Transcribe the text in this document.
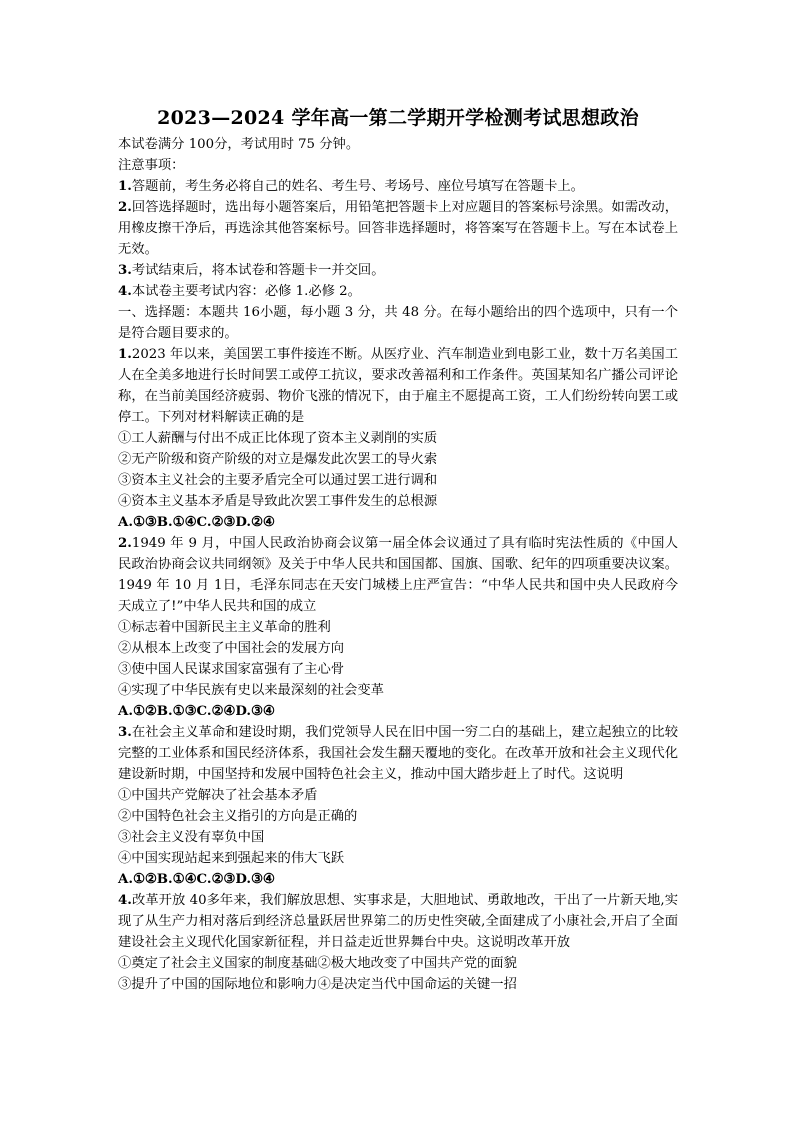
2023—2024 学年高一第二学期开学检测考试思想政治

本试卷满分 100分，考试用时 75 分钟。

注意事项：

1.答题前，考生务必将自己的姓名、考生号、考场号、座位号填写在答题卡上。

2.回答选择题时，选出每小题答案后，用铅笔把答题卡上对应题目的答案标号涂黑。如需改动，用橡皮擦干净后，再选涂其他答案标号。回答非选择题时，将答案写在答题卡上。写在本试卷上无效。

3.考试结束后，将本试卷和答题卡一并交回。

4.本试卷主要考试内容：必修 1.必修 2。

一、选择题：本题共 16小题，每小题 3 分，共 48 分。在每小题给出的四个选项中，只有一个是符合题目要求的。

1.2023 年以来，美国罢工事件接连不断。从医疗业、汽车制造业到电影工业，数十万名美国工人在全美多地进行长时间罢工或停工抗议，要求改善福利和工作条件。英国某知名广播公司评论称，在当前美国经济疲弱、物价飞涨的情况下，由于雇主不愿提高工资，工人们纷纷转向罢工或停工。下列对材料解读正确的是

①工人薪酬与付出不成正比体现了资本主义剥削的实质
②无产阶级和资产阶级的对立是爆发此次罢工的导火索
③资本主义社会的主要矛盾完全可以通过罢工进行调和
④资本主义基本矛盾是导致此次罢工事件发生的总根源
A.①③B.①④C.②③D.②④

2.1949 年 9 月，中国人民政治协商会议第一届全体会议通过了具有临时宪法性质的《中国人民政治协商会议共同纲领》及关于中华人民共和国国都、国旗、国歌、纪年的四项重要决议案。1949 年 10 月 1日，毛泽东同志在天安门城楼上庄严宣告：“中华人民共和国中央人民政府今天成立了!”中华人民共和国的成立

①标志着中国新民主主义革命的胜利
②从根本上改变了中国社会的发展方向
③使中国人民谋求国家富强有了主心骨
④实现了中华民族有史以来最深刻的社会变革
A.①②B.①③C.②④D.③④

3.在社会主义革命和建设时期，我们党领导人民在旧中国一穷二白的基础上，建立起独立的比较完整的工业体系和国民经济体系，我国社会发生翻天覆地的变化。在改革开放和社会主义现代化建设新时期，中国坚持和发展中国特色社会主义，推动中国大踏步赶上了时代。这说明

①中国共产党解决了社会基本矛盾
②中国特色社会主义指引的方向是正确的
③社会主义没有辜负中国
④中国实现站起来到强起来的伟大飞跃
A.①②B.①④C.②③D.③④

4.改革开放 40多年来，我们解放思想、实事求是，大胆地试、勇敢地改，干出了一片新天地,实现了从生产力相对落后到经济总量跃居世界第二的历史性突破,全面建成了小康社会,开启了全面建设社会主义现代化国家新征程，并日益走近世界舞台中央。这说明改革开放

①奠定了社会主义国家的制度基础②极大地改变了中国共产党的面貌
③提升了中国的国际地位和影响力④是决定当代中国命运的关键一招
